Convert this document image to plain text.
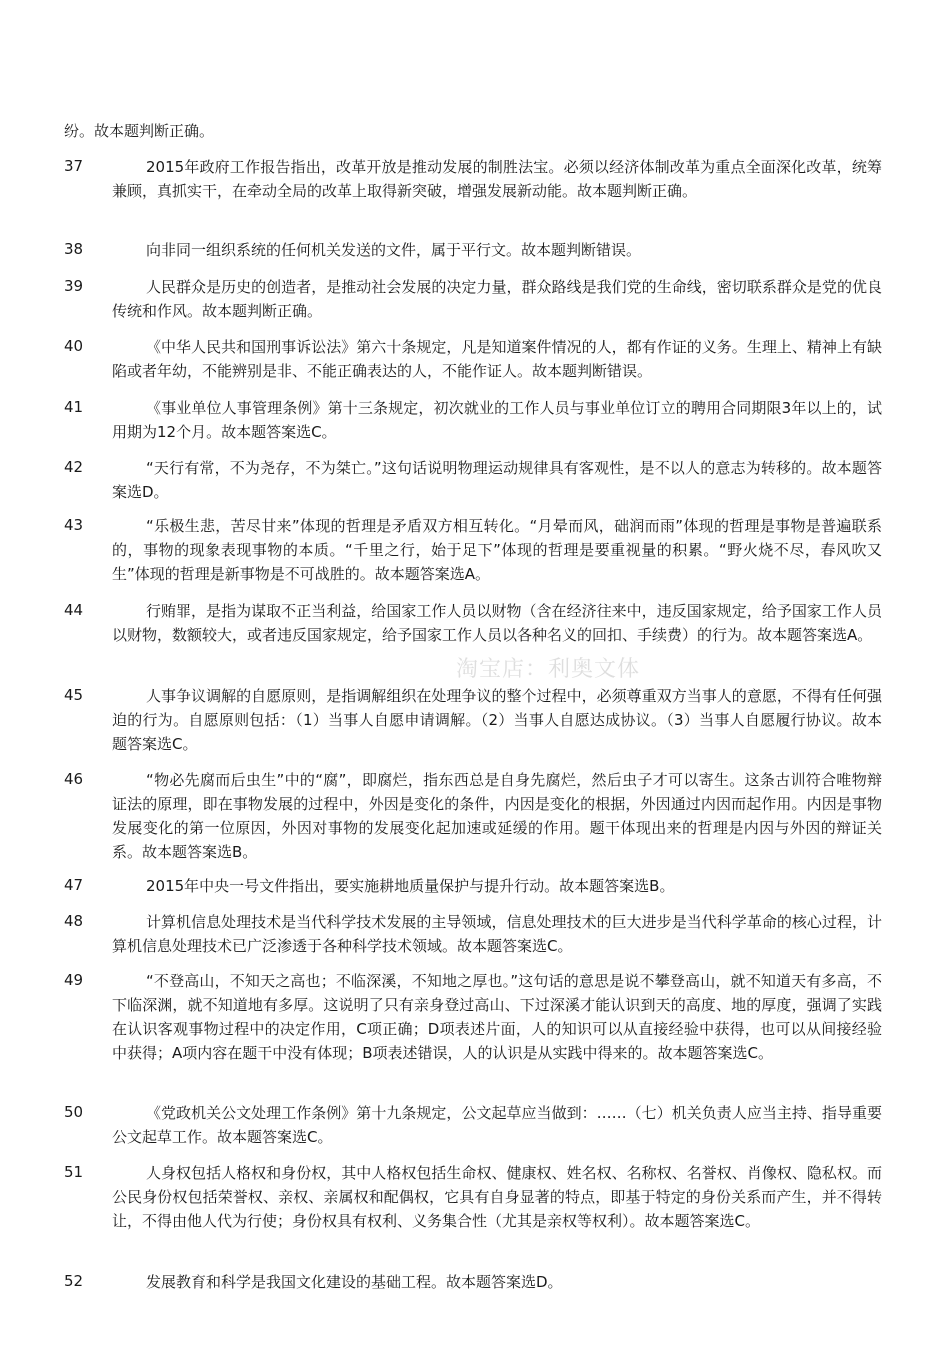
纷。故本题判断正确。

37	2015年政府工作报告指出，改革开放是推动发展的制胜法宝。必须以经济体制改革为重点全面深化改革，统筹兼顾，真抓实干，在牵动全局的改革上取得新突破，增强发展新动能。故本题判断正确。

38	向非同一组织系统的任何机关发送的文件，属于平行文。故本题判断错误。

39	人民群众是历史的创造者，是推动社会发展的决定力量，群众路线是我们党的生命线，密切联系群众是党的优良传统和作风。故本题判断正确。

40	《中华人民共和国刑事诉讼法》第六十条规定，凡是知道案件情况的人，都有作证的义务。生理上、精神上有缺陷或者年幼，不能辨别是非、不能正确表达的人，不能作证人。故本题判断错误。

41	《事业单位人事管理条例》第十三条规定，初次就业的工作人员与事业单位订立的聘用合同期限3年以上的，试用期为12个月。故本题答案选C。

42	“天行有常，不为尧存，不为桀亡。”这句话说明物理运动规律具有客观性，是不以人的意志为转移的。故本题答案选D。

43	“乐极生悲，苦尽甘来”体现的哲理是矛盾双方相互转化。“月晕而风，础润而雨”体现的哲理是事物是普遍联系的，事物的现象表现事物的本质。“千里之行，始于足下”体现的哲理是要重视量的积累。“野火烧不尽，春风吹又生”体现的哲理是新事物是不可战胜的。故本题答案选A。

44	行贿罪，是指为谋取不正当利益，给国家工作人员以财物（含在经济往来中，违反国家规定，给予国家工作人员以财物，数额较大，或者违反国家规定，给予国家工作人员以各种名义的回扣、手续费）的行为。故本题答案选A。

45	人事争议调解的自愿原则，是指调解组织在处理争议的整个过程中，必须尊重双方当事人的意愿，不得有任何强迫的行为。自愿原则包括：（1）当事人自愿申请调解。（2）当事人自愿达成协议。（3）当事人自愿履行协议。故本题答案选C。

46	“物必先腐而后虫生”中的“腐”，即腐烂，指东西总是自身先腐烂，然后虫子才可以寄生。这条古训符合唯物辩证法的原理，即在事物发展的过程中，外因是变化的条件，内因是变化的根据，外因通过内因而起作用。内因是事物发展变化的第一位原因，外因对事物的发展变化起加速或延缓的作用。题干体现出来的哲理是内因与外因的辩证关系。故本题答案选B。

47	2015年中央一号文件指出，要实施耕地质量保护与提升行动。故本题答案选B。

48	计算机信息处理技术是当代科学技术发展的主导领域，信息处理技术的巨大进步是当代科学革命的核心过程，计算机信息处理技术已广泛渗透于各种科学技术领域。故本题答案选C。

49	“不登高山，不知天之高也；不临深溪，不知地之厚也。”这句话的意思是说不攀登高山，就不知道天有多高，不下临深渊，就不知道地有多厚。这说明了只有亲身登过高山、下过深溪才能认识到天的高度、地的厚度，强调了实践在认识客观事物过程中的决定作用，C项正确；D项表述片面，人的知识可以从直接经验中获得，也可以从间接经验中获得；A项内容在题干中没有体现；B项表述错误，人的认识是从实践中得来的。故本题答案选C。

50	《党政机关公文处理工作条例》第十九条规定，公文起草应当做到：……（七）机关负责人应当主持、指导重要公文起草工作。故本题答案选C。

51	人身权包括人格权和身份权，其中人格权包括生命权、健康权、姓名权、名称权、名誉权、肖像权、隐私权。而公民身份权包括荣誉权、亲权、亲属权和配偶权，它具有自身显著的特点，即基于特定的身份关系而产生，并不得转让，不得由他人代为行使；身份权具有权利、义务集合性（尤其是亲权等权利）。故本题答案选C。

52	发展教育和科学是我国文化建设的基础工程。故本题答案选D。

淘宝店：利奥文体
